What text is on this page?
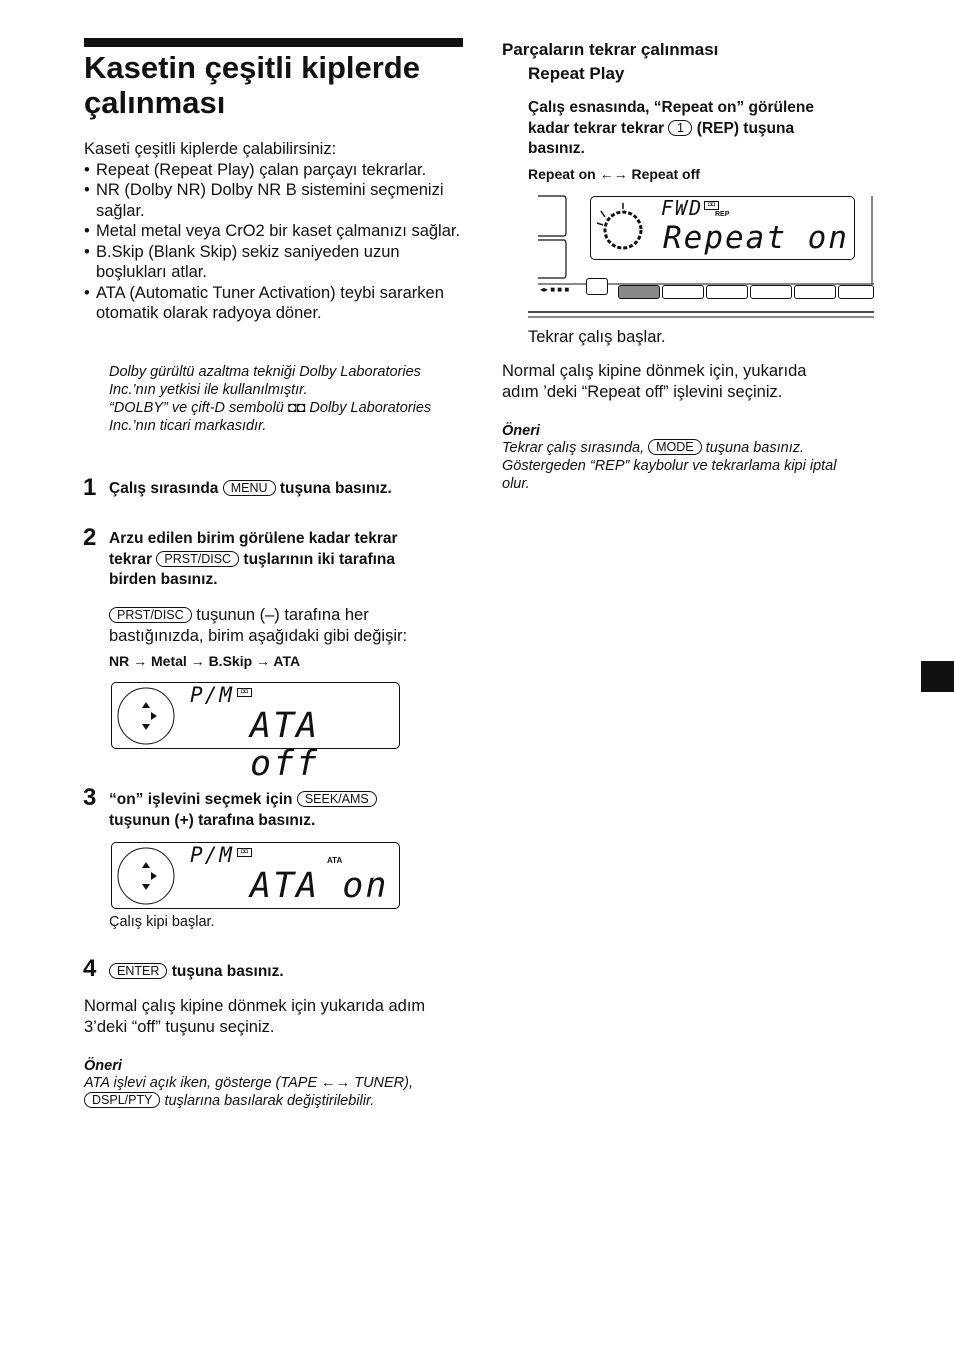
Kasetin çeşitli kiplerde çalınması
Kaseti çeşitli kiplerde çalabilirsiniz:
• Repeat (Repeat Play) çalan parçayı tekrarlar.
• NR (Dolby NR) Dolby NR B sistemini seçmenizi sağlar.
• Metal metal veya CrO2 bir kaset çalmanızı sağlar.
• B.Skip (Blank Skip) sekiz saniyeden uzun boşlukları atlar.
• ATA (Automatic Tuner Activation) teybi sararken otomatik olarak radyoya döner.
Dolby gürültü azaltma tekniği Dolby Laboratories
Inc.’nın yetkisi ile kullanılmıştır.
“DOLBY” ve çift-D sembolü ◘◘ Dolby Laboratories
Inc.’nın ticari markasıdır.
1 Çalış sırasında MENU tuşuna basınız.
2 Arzu edilen birim görülene kadar tekrar
tekrar PRST/DISC tuşlarının iki tarafına
birden basınız.
PRST/DISC tuşunun (–) tarafına her
bastığınızda, birim aşağıdaki gibi değişir:
NR → Metal → B.Skip → ATA
P/M	◘◘
ATA off
3 “on” işlevini seçmek için SEEK/AMS
tuşunun (+) tarafına basınız.
P/M	◘◘
ATA
ATA on
Çalış kipi başlar.
4	ENTER tuşuna basınız.
Normal çalış kipine dönmek için yukarıda adım
3’deki “off” tuşunu seçiniz.
Öneri
ATA işlevi açık iken, gösterge (TAPE ←→ TUNER),
DSPL/PTY tuşlarına basılarak değiştirilebilir.
Parçaların tekrar çalınması
Repeat Play
Çalış esnasında, “Repeat on” görülene
kadar tekrar tekrar 1 (REP) tuşuna
basınız.
Repeat on ←→ Repeat off
FWD ◘◘
REP
Repeat on
◂▸ ■ ■ ■
Tekrar çalış başlar.
Normal çalış kipine dönmek için, yukarıda
adım ’deki “Repeat off” işlevini seçiniz.
Öneri
Tekrar çalış sırasında, MODE tuşuna basınız.
Göstergeden “REP” kaybolur ve tekrarlama kipi iptal
olur.
